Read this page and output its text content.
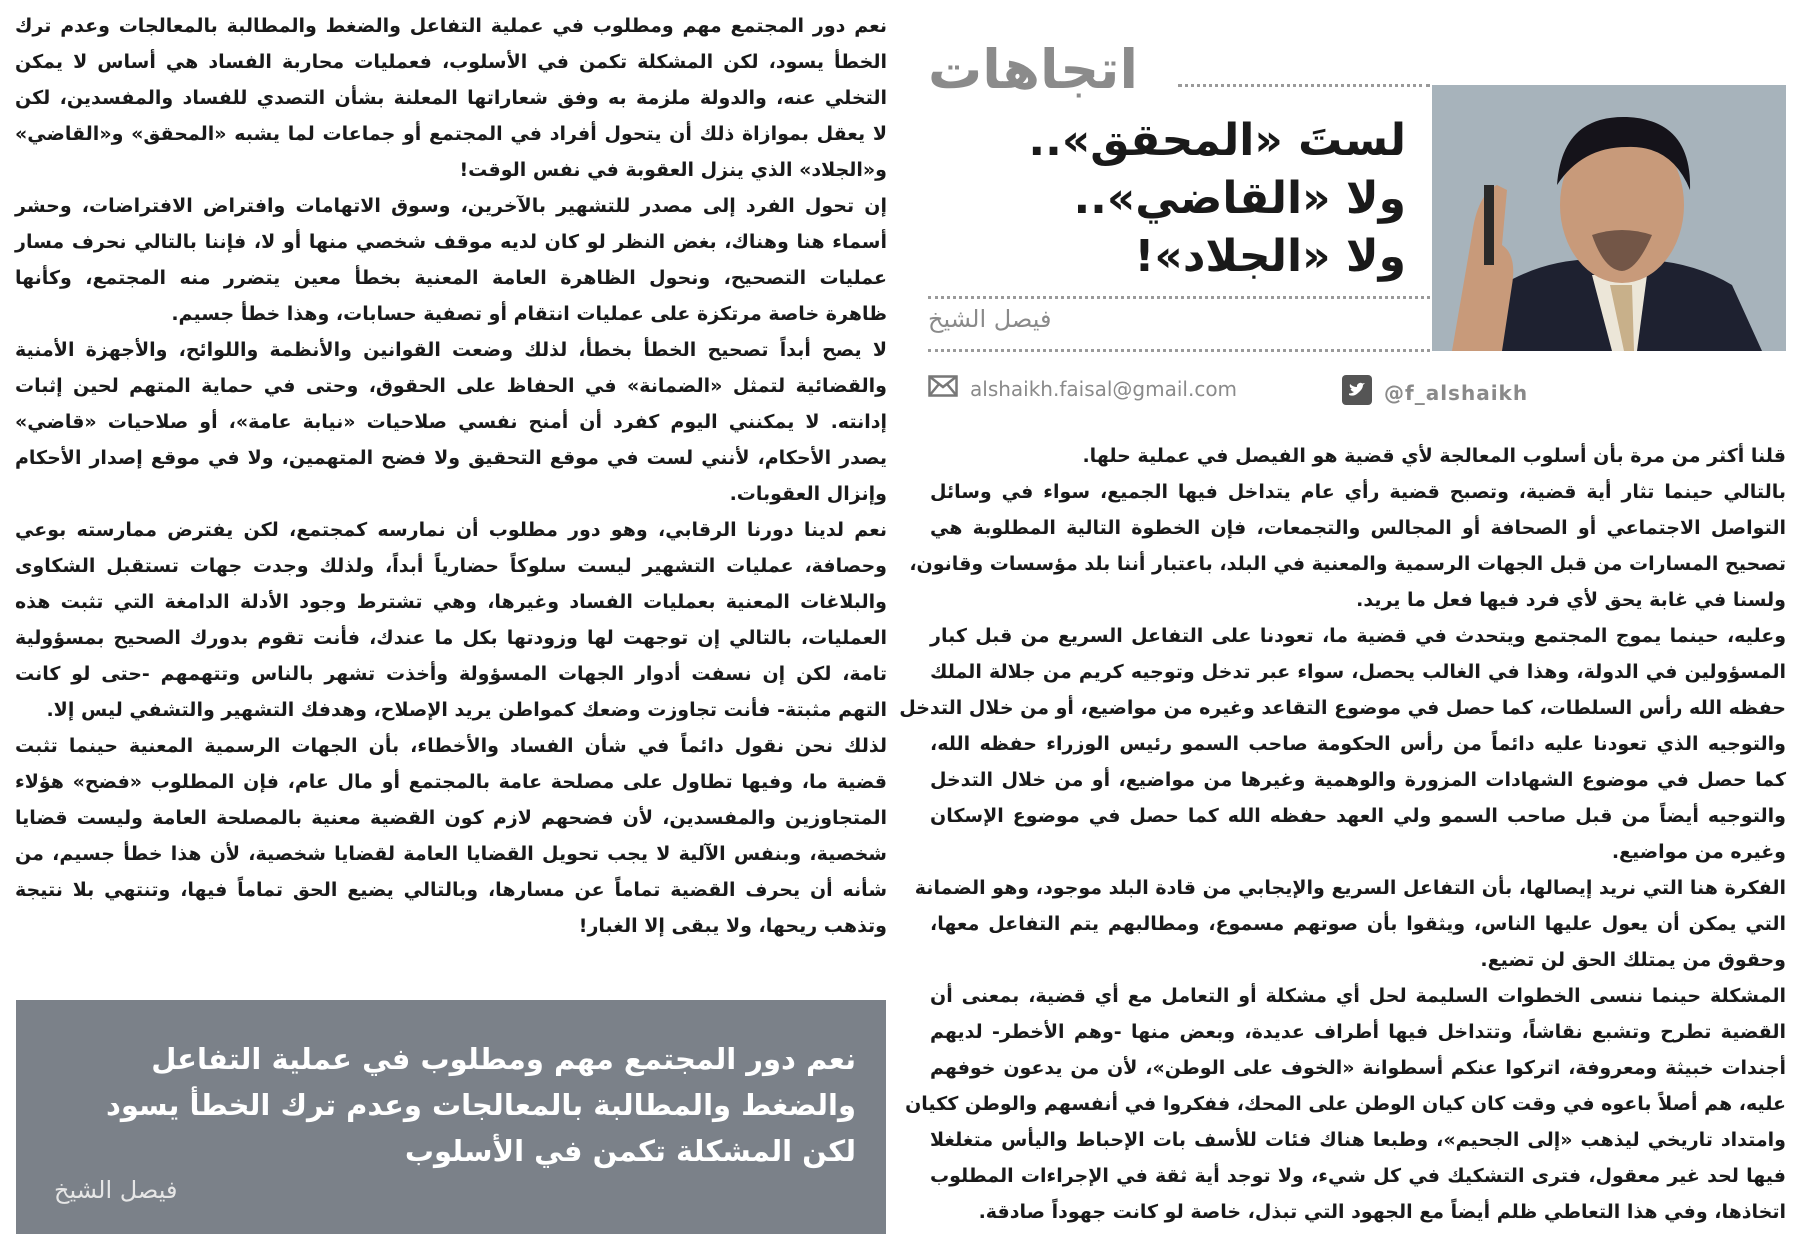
اتجاهات
لستَ «المحقق»..
ولا «القاضي»..
ولا «الجلاد»!
فيصل الشيخ
alshaikh.faisal@gmail.com	@f_alshaikh
نعم دور المجتمع مهم ومطلوب في عملية التفاعل والضغط والمطالبة بالمعالجات وعدم ترك
الخطأ يسود، لكن المشكلة تكمن في الأسلوب، فعمليات محاربة الفساد هي أساس لا يمكن
التخلي عنه، والدولة ملزمة به وفق شعاراتها المعلنة بشأن التصدي للفساد والمفسدين، لكن
لا يعقل بموازاة ذلك أن يتحول أفراد في المجتمع أو جماعات لما يشبه «المحقق» و«القاضي»
و«الجلاد» الذي ينزل العقوبة في نفس الوقت!
إن تحول الفرد إلى مصدر للتشهير بالآخرين، وسوق الاتهامات وافتراض الافتراضات، وحشر
أسماء هنا وهناك، بغض النظر لو كان لديه موقف شخصي منها أو لا، فإننا بالتالي نحرف مسار
عمليات التصحيح، ونحول الظاهرة العامة المعنية بخطأ معين يتضرر منه المجتمع، وكأنها
ظاهرة خاصة مرتكزة على عمليات انتقام أو تصفية حسابات، وهذا خطأ جسيم.
لا يصح أبداً تصحيح الخطأ بخطأ، لذلك وضعت القوانين والأنظمة واللوائح، والأجهزة الأمنية
والقضائية لتمثل «الضمانة» في الحفاظ على الحقوق، وحتى في حماية المتهم لحين إثبات
إدانته. لا يمكنني اليوم كفرد أن أمنح نفسي صلاحيات «نيابة عامة»، أو صلاحيات «قاضي»
يصدر الأحكام، لأنني لست في موقع التحقيق ولا فضح المتهمين، ولا في موقع إصدار الأحكام
وإنزال العقوبات.
نعم لدينا دورنا الرقابي، وهو دور مطلوب أن نمارسه كمجتمع، لكن يفترض ممارسته بوعي
وحصافة، عمليات التشهير ليست سلوكاً حضارياً أبداً، ولذلك وجدت جهات تستقبل الشكاوى
والبلاغات المعنية بعمليات الفساد وغيرها، وهي تشترط وجود الأدلة الدامغة التي تثبت هذه
العمليات، بالتالي إن توجهت لها وزودتها بكل ما عندك، فأنت تقوم بدورك الصحيح بمسؤولية
تامة، لكن إن نسفت أدوار الجهات المسؤولة وأخذت تشهر بالناس وتتهمهم -حتى لو كانت
التهم مثبتة- فأنت تجاوزت وضعك كمواطن يريد الإصلاح، وهدفك التشهير والتشفي ليس إلا.
لذلك نحن نقول دائماً في شأن الفساد والأخطاء، بأن الجهات الرسمية المعنية حينما تثبت
قضية ما، وفيها تطاول على مصلحة عامة بالمجتمع أو مال عام، فإن المطلوب «فضح» هؤلاء
المتجاوزين والمفسدين، لأن فضحهم لازم كون القضية معنية بالمصلحة العامة وليست قضايا
شخصية، وبنفس الآلية لا يجب تحويل القضايا العامة لقضايا شخصية، لأن هذا خطأ جسيم، من
شأنه أن يحرف القضية تماماً عن مسارها، وبالتالي يضيع الحق تماماً فيها، وتنتهي بلا نتيجة
وتذهب ريحها، ولا يبقى إلا الغبار!
قلنا أكثر من مرة بأن أسلوب المعالجة لأي قضية هو الفيصل في عملية حلها.
بالتالي حينما تثار أية قضية، وتصبح قضية رأي عام يتداخل فيها الجميع، سواء في وسائل
التواصل الاجتماعي أو الصحافة أو المجالس والتجمعات، فإن الخطوة التالية المطلوبة هي
تصحيح المسارات من قبل الجهات الرسمية والمعنية في البلد، باعتبار أننا بلد مؤسسات وقانون،
ولسنا في غابة يحق لأي فرد فيها فعل ما يريد.
وعليه، حينما يموج المجتمع ويتحدث في قضية ما، تعودنا على التفاعل السريع من قبل كبار
المسؤولين في الدولة، وهذا في الغالب يحصل، سواء عبر تدخل وتوجيه كريم من جلالة الملك
حفظه الله رأس السلطات، كما حصل في موضوع التقاعد وغيره من مواضيع، أو من خلال التدخل
والتوجيه الذي تعودنا عليه دائماً من رأس الحكومة صاحب السمو رئيس الوزراء حفظه الله،
كما حصل في موضوع الشهادات المزورة والوهمية وغيرها من مواضيع، أو من خلال التدخل
والتوجيه أيضاً من قبل صاحب السمو ولي العهد حفظه الله كما حصل في موضوع الإسكان
وغيره من مواضيع.
الفكرة هنا التي نريد إيصالها، بأن التفاعل السريع والإيجابي من قادة البلد موجود، وهو الضمانة
التي يمكن أن يعول عليها الناس، ويثقوا بأن صوتهم مسموع، ومطالبهم يتم التفاعل معها،
وحقوق من يمتلك الحق لن تضيع.
المشكلة حينما ننسى الخطوات السليمة لحل أي مشكلة أو التعامل مع أي قضية، بمعنى أن
القضية تطرح وتشبع نقاشاً، وتتداخل فيها أطراف عديدة، وبعض منها -وهم الأخطر- لديهم
أجندات خبيثة ومعروفة، اتركوا عنكم أسطوانة «الخوف على الوطن»، لأن من يدعون خوفهم
عليه، هم أصلاً باعوه في وقت كان كيان الوطن على المحك، ففكروا في أنفسهم والوطن ككيان
وامتداد تاريخي ليذهب «إلى الجحيم»، وطبعا هناك فئات للأسف بات الإحباط واليأس متغلغلا
فيها لحد غير معقول، فترى التشكيك في كل شيء، ولا توجد أية ثقة في الإجراءات المطلوب
اتخاذها، وفي هذا التعاطي ظلم أيضاً مع الجهود التي تبذل، خاصة لو كانت جهوداً صادقة.
نعم دور المجتمع مهم ومطلوب في عملية التفاعل والضغط والمطالبة بالمعالجات وعدم ترك الخطأ يسود لكن المشكلة تكمن في الأسلوب
فيصل الشيخ
